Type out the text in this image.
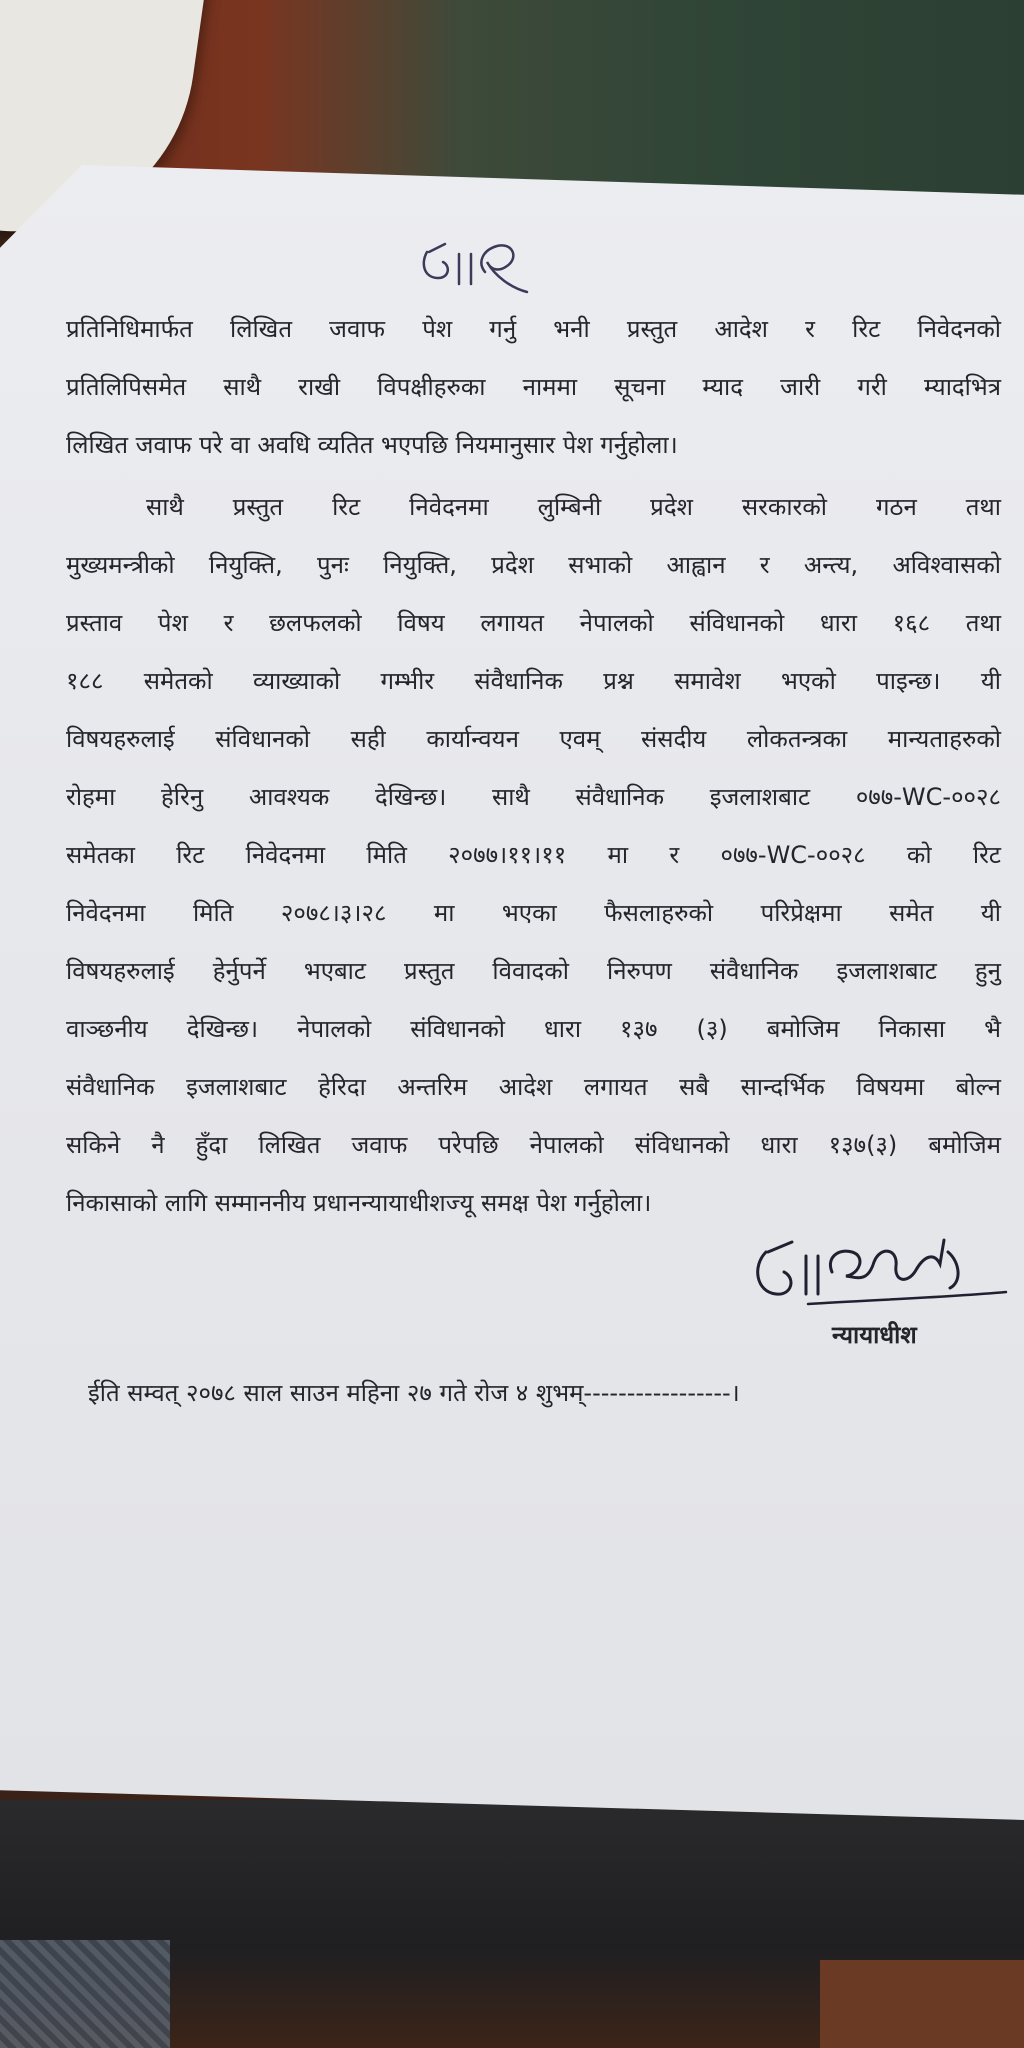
प्रतिनिधिमार्फत लिखित जवाफ पेश गर्नु भनी प्रस्तुत आदेश र रिट निवेदनको
प्रतिलिपिसमेत साथै राखी विपक्षीहरुका नाममा सूचना म्याद जारी गरी म्यादभित्र
लिखित जवाफ परे वा अवधि व्यतित भएपछि नियमानुसार पेश गर्नुहोला।
साथै प्रस्तुत रिट निवेदनमा लुम्बिनी प्रदेश सरकारको गठन तथा
मुख्यमन्त्रीको नियुक्ति, पुनः नियुक्ति, प्रदेश सभाको आह्वान र अन्त्य, अविश्वासको
प्रस्ताव पेश र छलफलको विषय लगायत नेपालको संविधानको धारा १६८ तथा
१८८ समेतको व्याख्याको गम्भीर संवैधानिक प्रश्न समावेश भएको पाइन्छ। यी
विषयहरुलाई संविधानको सही कार्यान्वयन एवम् संसदीय लोकतन्त्रका मान्यताहरुको
रोहमा हेरिनु आवश्यक देखिन्छ। साथै संवैधानिक इजलाशबाट ०७७-WC-००२८
समेतका रिट निवेदनमा मिति २०७७।११।११ मा र ०७७-WC-००२८ को रिट
निवेदनमा मिति २०७८।३।२८ मा भएका फैसलाहरुको परिप्रेक्षमा समेत यी
विषयहरुलाई हेर्नुपर्ने भएबाट प्रस्तुत विवादको निरुपण संवैधानिक इजलाशबाट हुनु
वाञ्छनीय देखिन्छ। नेपालको संविधानको धारा १३७ (३) बमोजिम निकासा भै
संवैधानिक इजलाशबाट हेरिदा अन्तरिम आदेश लगायत सबै सान्दर्भिक विषयमा बोल्न
सकिने नै हुँदा लिखित जवाफ परेपछि नेपालको संविधानको धारा १३७(३) बमोजिम
निकासाको लागि सम्माननीय प्रधानन्यायाधीशज्यू समक्ष पेश गर्नुहोला।
न्यायाधीश
ईति सम्वत् २०७८ साल साउन महिना २७ गते रोज ४ शुभम्-----------------।
